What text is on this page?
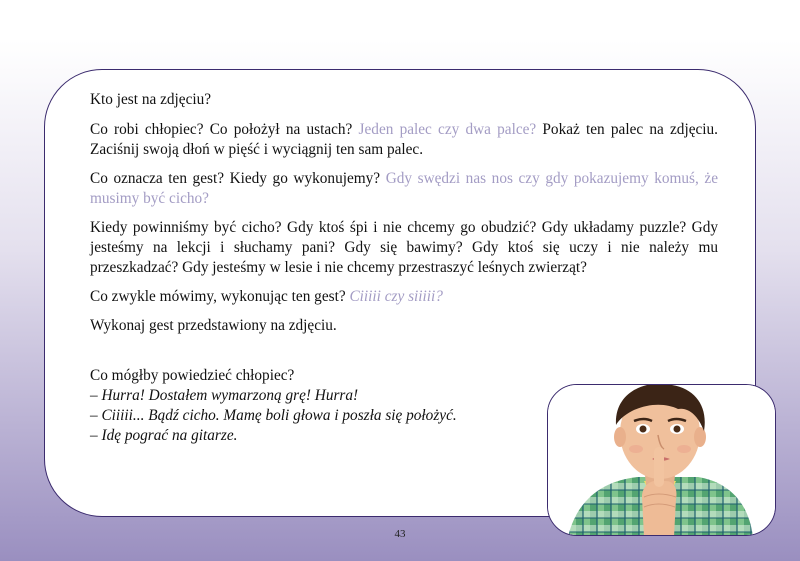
Kto jest na zdjęciu?

Co robi chłopiec? Co położył na ustach? Jeden palec czy dwa palce? Pokaż ten palec na zdjęciu. Zaciśnij swoją dłoń w pięść i wyciągnij ten sam palec.

Co oznacza ten gest? Kiedy go wykonujemy? Gdy swędzi nas nos czy gdy pokazujemy komuś, że musimy być cicho?

Kiedy powinniśmy być cicho? Gdy ktoś śpi i nie chcemy go obudzić? Gdy układamy puzzle? Gdy jesteśmy na lekcji i słuchamy pani? Gdy się bawimy? Gdy ktoś się uczy i nie należy mu przeszkadzać? Gdy jesteśmy w lesie i nie chcemy przestraszyć leśnych zwierząt?

Co zwykle mówimy, wykonując ten gest? Ciiiii czy siiiii?

Wykonaj gest przedstawiony na zdjęciu.

Co mógłby powiedzieć chłopiec?

– Hurra! Dostałem wymarzoną grę! Hurra!

– Ciiiii... Bądź cicho. Mamę boli głowa i poszła się położyć.

– Idę pograć na gitarze.

43
